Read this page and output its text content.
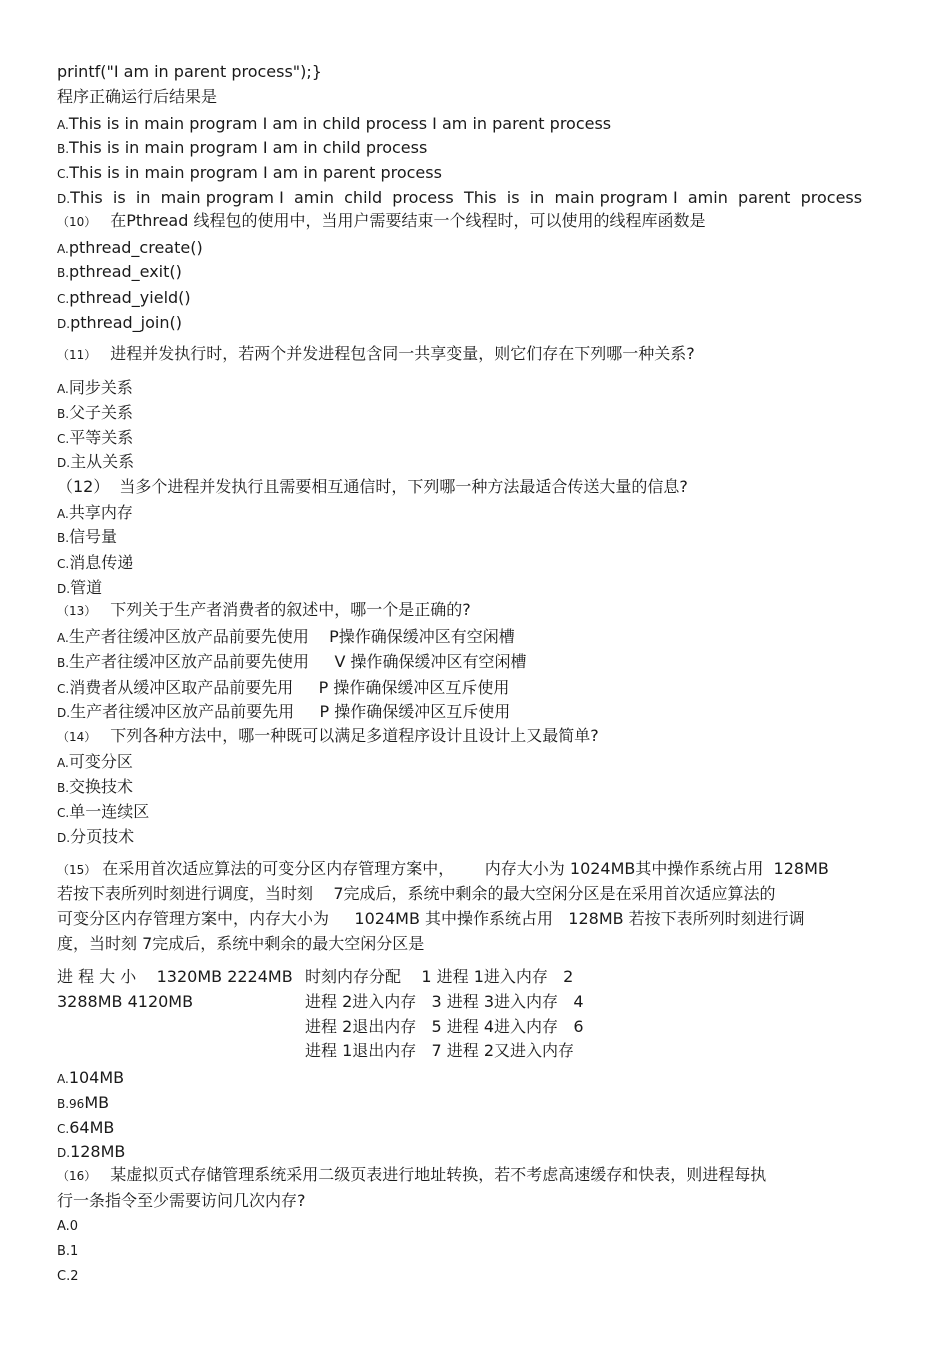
printf("I am in parent process");}
程序正确运行后结果是
A.This is in main program I am in child process I am in parent process
B.This is in main program I am in child process
C.This is in main program I am in parent process
D.This  is  in  main program I  amin  child  process  This  is  in  main program I  amin  parent  process
（10） 在Pthread 线程包的使用中，当用户需要结束一个线程时，可以使用的线程库函数是
A.pthread_create()
B.pthread_exit()
C.pthread_yield()
D.pthread_join()
（11） 进程并发执行时，若两个并发进程包含同一共享变量，则它们存在下列哪一种关系?
A.同步关系
B.父子关系
C.平等关系
D.主从关系
（12） 当多个进程并发执行且需要相互通信时，下列哪一种方法最适合传送大量的信息?
A.共享内存
B.信号量
C.消息传递
D.管道
（13） 下列关于生产者消费者的叙述中，哪一个是正确的?
A.生产者往缓冲区放产品前要先使用    P操作确保缓冲区有空闲槽
B.生产者往缓冲区放产品前要先使用     V 操作确保缓冲区有空闲槽
C.消费者从缓冲区取产品前要先用     P 操作确保缓冲区互斥使用
D.生产者往缓冲区放产品前要先用     P 操作确保缓冲区互斥使用
（14） 下列各种方法中，哪一种既可以满足多道程序设计且设计上又最简单?
A.可变分区
B.交换技术
C.单一连续区
D.分页技术
（15） 在采用首次适应算法的可变分区内存管理方案中，      内存大小为 1024MB其中操作系统占用  128MB
若按下表所列时刻进行调度，当时刻    7完成后，系统中剩余的最大空闲分区是在采用首次适应算法的
可变分区内存管理方案中，内存大小为     1024MB 其中操作系统占用   128MB 若按下表所列时刻进行调
度，当时刻 7完成后，系统中剩余的最大空闲分区是
进 程 大 小    1320MB 2224MB
3288MB 4120MB
时刻内存分配    1 进程 1进入内存   2
进程 2进入内存   3 进程 3进入内存   4
进程 2退出内存   5 进程 4进入内存   6
进程 1退出内存   7 进程 2又进入内存
A.104MB
B.96MB
C.64MB
D.128MB
（16） 某虚拟页式存储管理系统采用二级页表进行地址转换，若不考虑高速缓存和快表，则进程每执
行一条指令至少需要访问几次内存?
A.0
B.1
C.2
